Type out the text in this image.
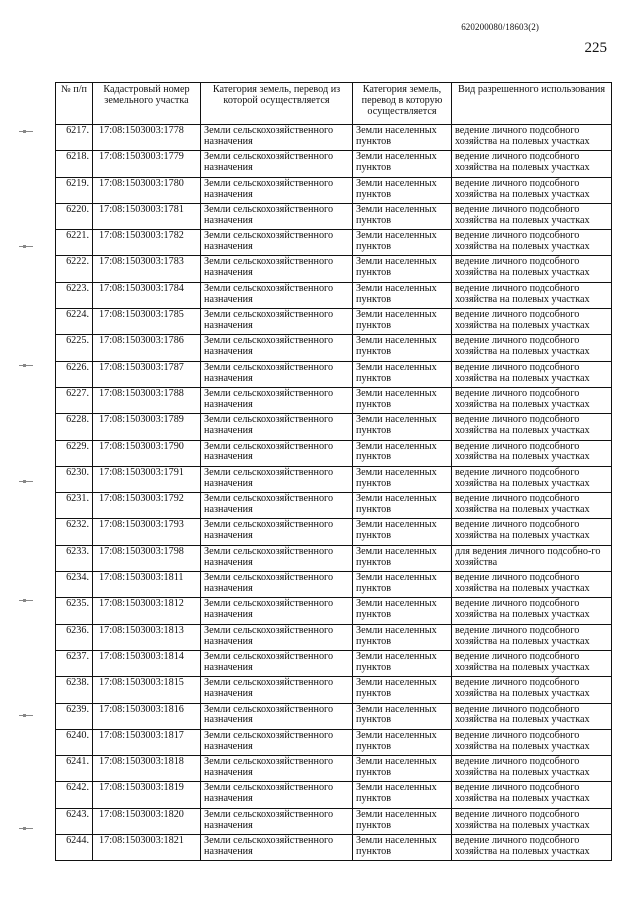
620200080/18603(2)
225
№ п/п	Кадастровый номер земельного участка	Категория земель, перевод из которой осуществляется	Категория земель, перевод в которую осуществляется	Вид разрешенного использования
6217.	17:08:1503003:1778	Земли сельскохозяйственного назначения	Земли населенных пунктов	ведение личного подсобного хозяйства на полевых участках
6218.	17:08:1503003:1779	Земли сельскохозяйственного назначения	Земли населенных пунктов	ведение личного подсобного хозяйства на полевых участках
6219.	17:08:1503003:1780	Земли сельскохозяйственного назначения	Земли населенных пунктов	ведение личного подсобного хозяйства на полевых участках
6220.	17:08:1503003:1781	Земли сельскохозяйственного назначения	Земли населенных пунктов	ведение личного подсобного хозяйства на полевых участках
6221.	17:08:1503003:1782	Земли сельскохозяйственного назначения	Земли населенных пунктов	ведение личного подсобного хозяйства на полевых участках
6222.	17:08:1503003:1783	Земли сельскохозяйственного назначения	Земли населенных пунктов	ведение личного подсобного хозяйства на полевых участках
6223.	17:08:1503003:1784	Земли сельскохозяйственного назначения	Земли населенных пунктов	ведение личного подсобного хозяйства на полевых участках
6224.	17:08:1503003:1785	Земли сельскохозяйственного назначения	Земли населенных пунктов	ведение личного подсобного хозяйства на полевых участках
6225.	17:08:1503003:1786	Земли сельскохозяйственного назначения	Земли населенных пунктов	ведение личного подсобного хозяйства на полевых участках
6226.	17:08:1503003:1787	Земли сельскохозяйственного назначения	Земли населенных пунктов	ведение личного подсобного хозяйства на полевых участках
6227.	17:08:1503003:1788	Земли сельскохозяйственного назначения	Земли населенных пунктов	ведение личного подсобного хозяйства на полевых участках
6228.	17:08:1503003:1789	Земли сельскохозяйственного назначения	Земли населенных пунктов	ведение личного подсобного хозяйства на полевых участках
6229.	17:08:1503003:1790	Земли сельскохозяйственного назначения	Земли населенных пунктов	ведение личного подсобного хозяйства на полевых участках
6230.	17:08:1503003:1791	Земли сельскохозяйственного назначения	Земли населенных пунктов	ведение личного подсобного хозяйства на полевых участках
6231.	17:08:1503003:1792	Земли сельскохозяйственного назначения	Земли населенных пунктов	ведение личного подсобного хозяйства на полевых участках
6232.	17:08:1503003:1793	Земли сельскохозяйственного назначения	Земли населенных пунктов	ведение личного подсобного хозяйства на полевых участках
6233.	17:08:1503003:1798	Земли сельскохозяйственного назначения	Земли населенных пунктов	для ведения личного подсобно-го хозяйства
6234.	17:08:1503003:1811	Земли сельскохозяйственного назначения	Земли населенных пунктов	ведение личного подсобного хозяйства на полевых участках
6235.	17:08:1503003:1812	Земли сельскохозяйственного назначения	Земли населенных пунктов	ведение личного подсобного хозяйства на полевых участках
6236.	17:08:1503003:1813	Земли сельскохозяйственного назначения	Земли населенных пунктов	ведение личного подсобного хозяйства на полевых участках
6237.	17:08:1503003:1814	Земли сельскохозяйственного назначения	Земли населенных пунктов	ведение личного подсобного хозяйства на полевых участках
6238.	17:08:1503003:1815	Земли сельскохозяйственного назначения	Земли населенных пунктов	ведение личного подсобного хозяйства на полевых участках
6239.	17:08:1503003:1816	Земли сельскохозяйственного назначения	Земли населенных пунктов	ведение личного подсобного хозяйства на полевых участках
6240.	17:08:1503003:1817	Земли сельскохозяйственного назначения	Земли населенных пунктов	ведение личного подсобного хозяйства на полевых участках
6241.	17:08:1503003:1818	Земли сельскохозяйственного назначения	Земли населенных пунктов	ведение личного подсобного хозяйства на полевых участках
6242.	17:08:1503003:1819	Земли сельскохозяйственного назначения	Земли населенных пунктов	ведение личного подсобного хозяйства на полевых участках
6243.	17:08:1503003:1820	Земли сельскохозяйственного назначения	Земли населенных пунктов	ведение личного подсобного хозяйства на полевых участках
6244.	17:08:1503003:1821	Земли сельскохозяйственного назначения	Земли населенных пунктов	ведение личного подсобного хозяйства на полевых участках
